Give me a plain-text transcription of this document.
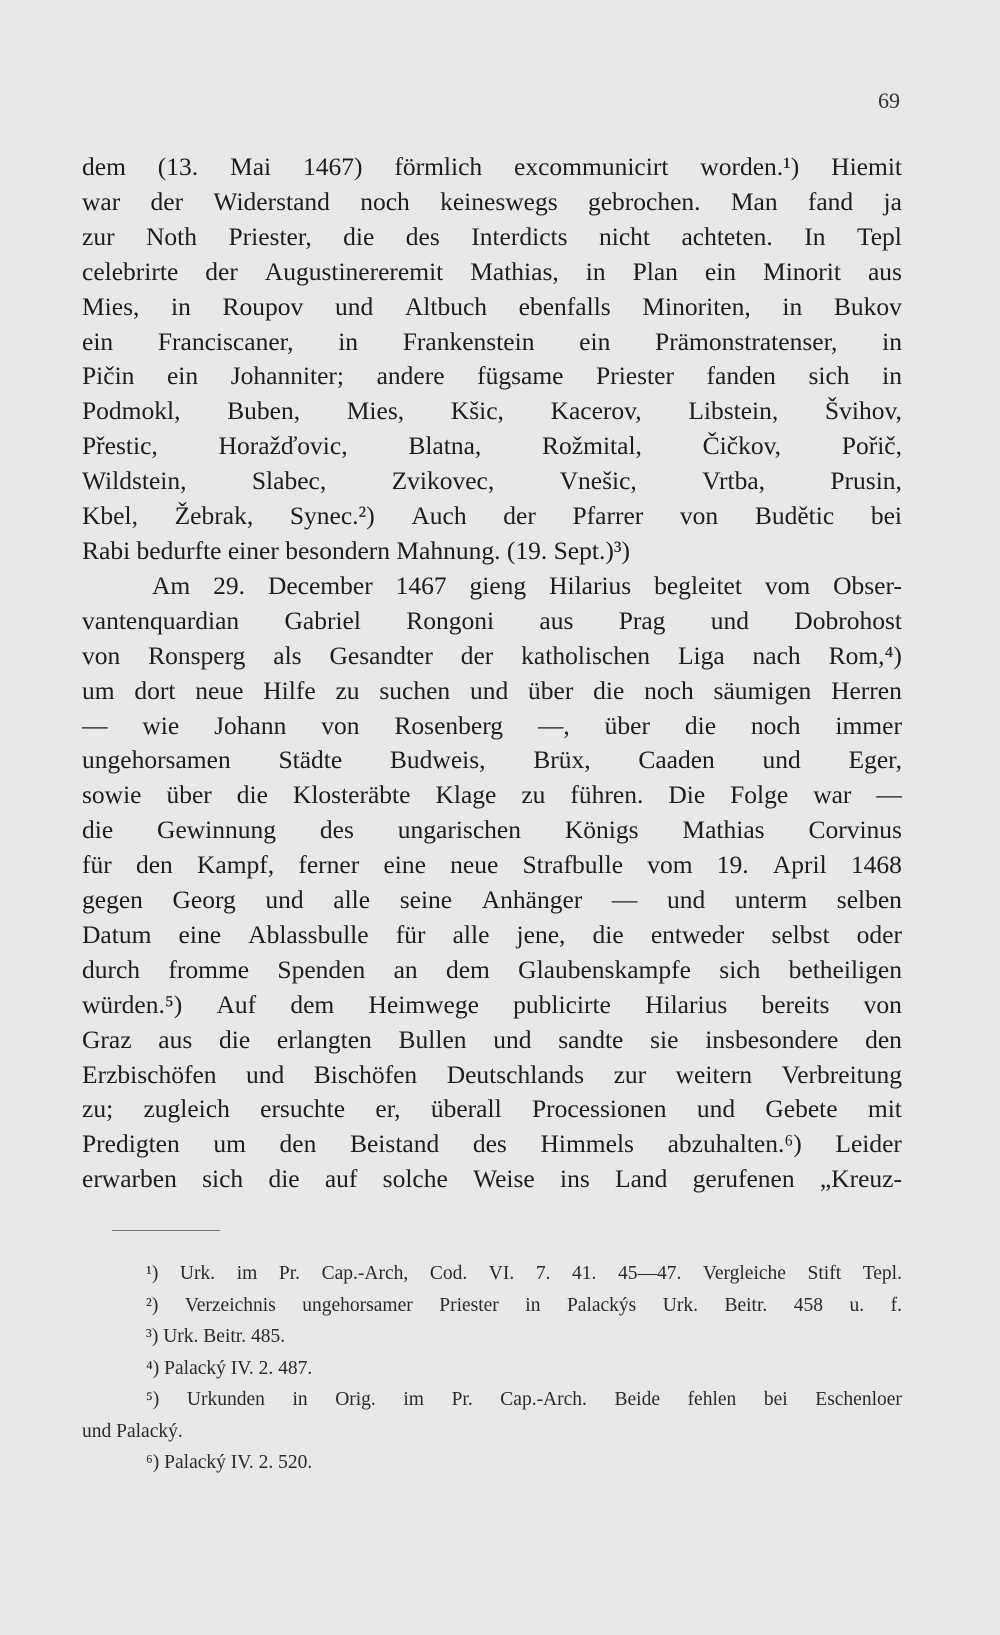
69
dem (13. Mai 1467) förmlich excommunicirt worden.¹) Hiemit
war der Widerstand noch keineswegs gebrochen. Man fand ja
zur Noth Priester, die des Interdicts nicht achteten. In Tepl
celebrirte der Augustinereremit Mathias, in Plan ein Minorit aus
Mies, in Roupov und Altbuch ebenfalls Minoriten, in Bukov
ein Franciscaner, in Frankenstein ein Prämonstratenser, in
Pičin ein Johanniter; andere fügsame Priester fanden sich in
Podmokl, Buben, Mies, Kšic, Kacerov, Libstein, Švihov,
Přestic, Horažďovic, Blatna, Rožmital, Čičkov, Pořič,
Wildstein,	Slabec,	Zvikovec,	Vnešic,	Vrtba,	Prusin,
Kbel, Žebrak, Synec.²) Auch der Pfarrer von Budětic bei
Rabi bedurfte einer besondern Mahnung. (19. Sept.)³)
Am 29. December 1467 gieng Hilarius begleitet vom Obser-
vantenquardian Gabriel Rongoni aus Prag und Dobrohost
von Ronsperg als Gesandter der katholischen Liga nach Rom,⁴)
um dort neue Hilfe zu suchen und über die noch säumigen Herren
— wie Johann von Rosenberg —, über die noch immer
ungehorsamen Städte Budweis, Brüx, Caaden und Eger,
sowie über die Klosteräbte Klage zu führen. Die Folge war —
die Gewinnung des ungarischen Königs Mathias Corvinus
für den Kampf, ferner eine neue Strafbulle vom 19. April 1468
gegen Georg und alle seine Anhänger — und unterm selben
Datum eine Ablassbulle für alle jene, die entweder selbst oder
durch fromme Spenden an dem Glaubenskampfe sich betheiligen
würden.⁵) Auf dem Heimwege publicirte Hilarius bereits von
Graz aus die erlangten Bullen und sandte sie insbesondere den
Erzbischöfen und Bischöfen Deutschlands zur weitern Verbreitung
zu; zugleich ersuchte er, überall Processionen und Gebete mit
Predigten um den Beistand des Himmels abzuhalten.⁶) Leider
erwarben sich die auf solche Weise ins Land gerufenen „Kreuz-
¹) Urk. im Pr. Cap.-Arch, Cod. VI. 7. 41. 45—47. Vergleiche Stift Tepl.
²) Verzeichnis ungehorsamer Priester in Palackýs Urk. Beitr. 458 u. f.
³) Urk. Beitr. 485.
⁴) Palacký IV. 2. 487.
⁵) Urkunden in Orig. im Pr. Cap.-Arch. Beide fehlen bei Eschenloer
und Palacký.
⁶) Palacký IV. 2. 520.
